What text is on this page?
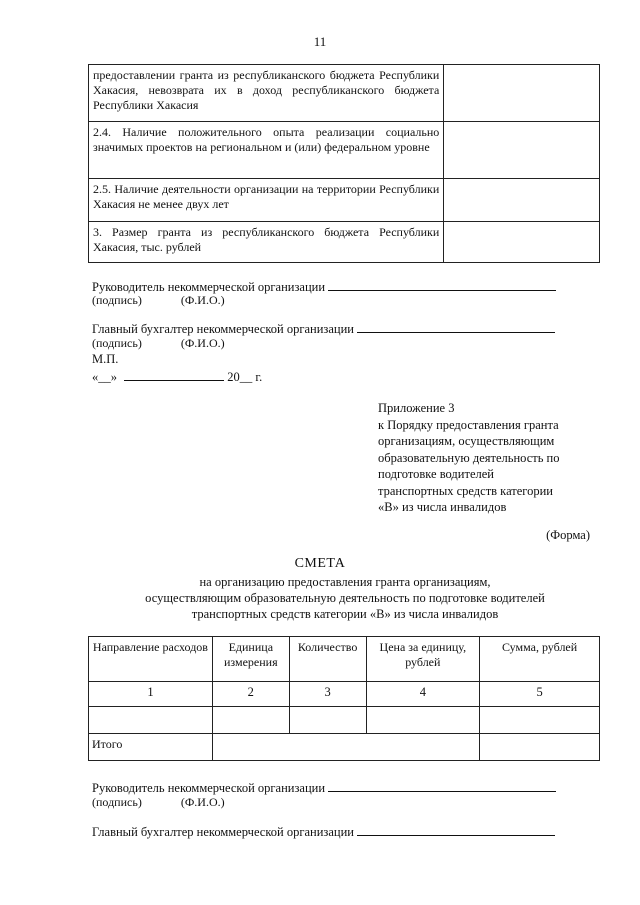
11
предоставлении гранта из республиканского бюджета Республики Хакасия, невозврата их в доход республиканского бюджета Республики Хакасия	
2.4. Наличие положительного опыта реализации социально значимых проектов на региональном и (или) федеральном уровне	
2.5. Наличие деятельности организации на территории Республики Хакасия не менее двух лет	
3. Размер гранта из республиканского бюджета Республики Хакасия, тыс. рублей	
Руководитель некоммерческой организации
(подпись)	(Ф.И.О.)
Главный бухгалтер некоммерческой организации
(подпись)	(Ф.И.О.)
М.П.
«__»	20__ г.
Приложение 3
к Порядку предоставления гранта
организациям, осуществляющим
образовательную деятельность по
подготовке водителей
транспортных средств категории
«В» из числа инвалидов
(Форма)
СМЕТА
на организацию предоставления гранта организациям,
осуществляющим образовательную деятельность по подготовке водителей
транспортных средств категории «В» из числа инвалидов
Направление расходов	Единица измерения	Количество	Цена за единицу, рублей	Сумма, рублей
1	2	3	4	5

Итого				
Руководитель некоммерческой организации
(подпись)	(Ф.И.О.)
Главный бухгалтер некоммерческой организации
